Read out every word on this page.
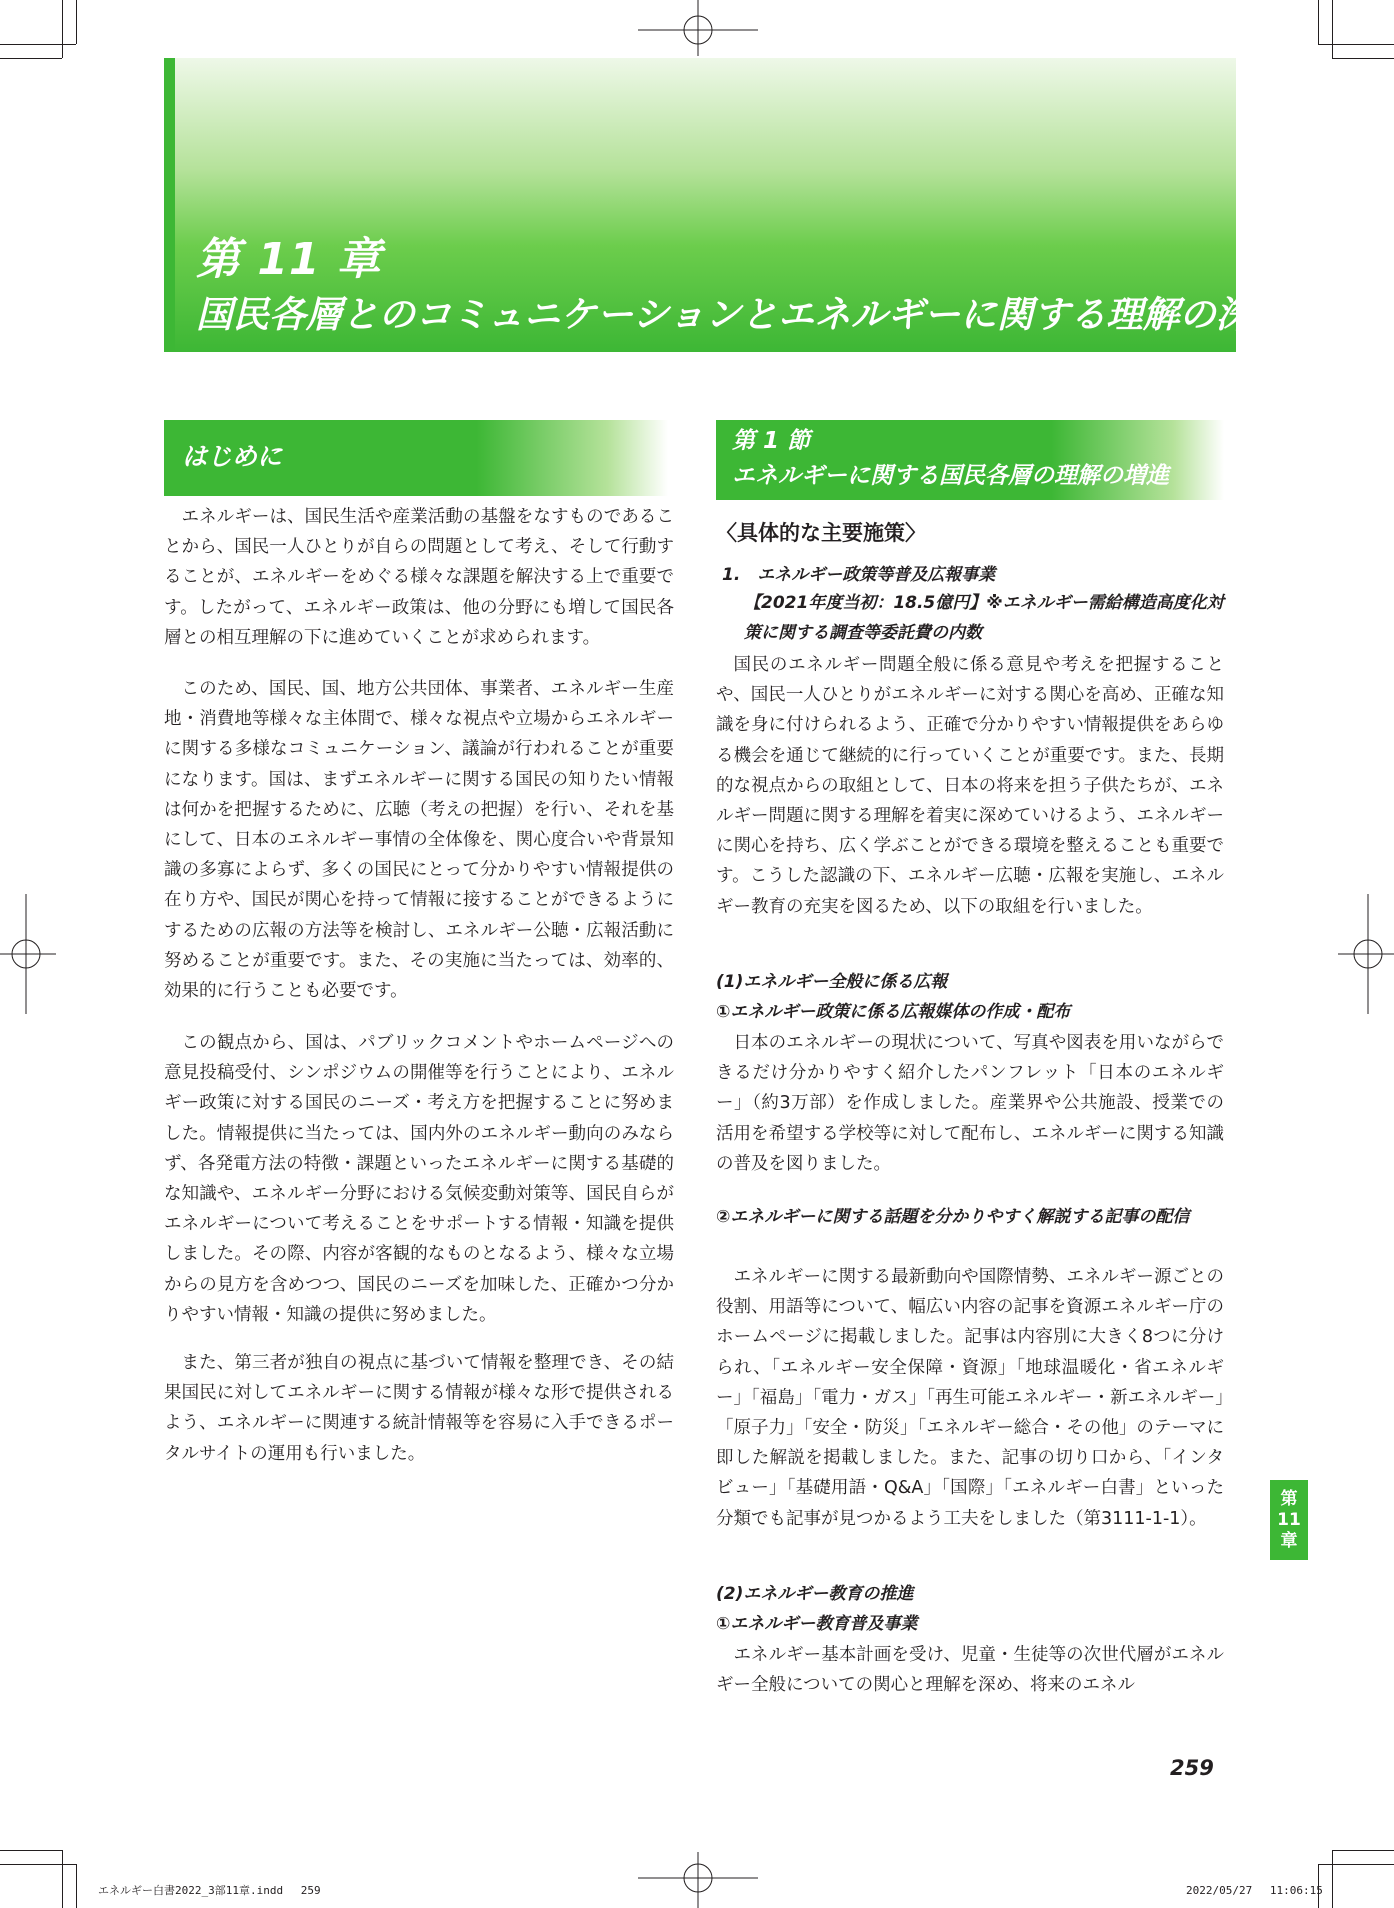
第 11 章
国民各層とのコミュニケーションとエネルギーに関する理解の深化
はじめに

エネルギーは、国民生活や産業活動の基盤をなすものであることから、国民一人ひとりが自らの問題として考え、そして行動することが、エネルギーをめぐる様々な課題を解決する上で重要です。したがって、エネルギー政策は、他の分野にも増して国民各層との相互理解の下に進めていくことが求められます。

このため、国民、国、地方公共団体、事業者、エネルギー生産地・消費地等様々な主体間で、様々な視点や立場からエネルギーに関する多様なコミュニケーション、議論が行われることが重要になります。国は、まずエネルギーに関する国民の知りたい情報は何かを把握するために、広聴（考えの把握）を行い、それを基にして、日本のエネルギー事情の全体像を、関心度合いや背景知識の多寡によらず、多くの国民にとって分かりやすい情報提供の在り方や、国民が関心を持って情報に接することができるようにするための広報の方法等を検討し、エネルギー公聴・広報活動に努めることが重要です。また、その実施に当たっては、効率的、効果的に行うことも必要です。

この観点から、国は、パブリックコメントやホームページへの意見投稿受付、シンポジウムの開催等を行うことにより、エネルギー政策に対する国民のニーズ・考え方を把握することに努めました。情報提供に当たっては、国内外のエネルギー動向のみならず、各発電方法の特徴・課題といったエネルギーに関する基礎的な知識や、エネルギー分野における気候変動対策等、国民自らがエネルギーについて考えることをサポートする情報・知識を提供しました。その際、内容が客観的なものとなるよう、様々な立場からの見方を含めつつ、国民のニーズを加味した、正確かつ分かりやすい情報・知識の提供に努めました。

また、第三者が独自の視点に基づいて情報を整理でき、その結果国民に対してエネルギーに関する情報が様々な形で提供されるよう、エネルギーに関連する統計情報等を容易に入手できるポータルサイトの運用も行いました。

第 1 節
エネルギーに関する国民各層の理解の増進
〈具体的な主要施策〉
1.　エネルギー政策等普及広報事業

【2021年度当初：18.5億円】※エネルギー需給構造高度化対策に関する調査等委託費の内数

国民のエネルギー問題全般に係る意見や考えを把握することや、国民一人ひとりがエネルギーに対する関心を高め、正確な知識を身に付けられるよう、正確で分かりやすい情報提供をあらゆる機会を通じて継続的に行っていくことが重要です。また、長期的な視点からの取組として、日本の将来を担う子供たちが、エネルギー問題に関する理解を着実に深めていけるよう、エネルギーに関心を持ち、広く学ぶことができる環境を整えることも重要です。こうした認識の下、エネルギー広聴・広報を実施し、エネルギー教育の充実を図るため、以下の取組を行いました。

(1)エネルギー全般に係る広報
①エネルギー政策に係る広報媒体の作成・配布

日本のエネルギーの現状について、写真や図表を用いながらできるだけ分かりやすく紹介したパンフレット「日本のエネルギー」（約3万部）を作成しました。産業界や公共施設、授業での活用を希望する学校等に対して配布し、エネルギーに関する知識の普及を図りました。

②エネルギーに関する話題を分かりやすく解説する記事の配信

エネルギーに関する最新動向や国際情勢、エネルギー源ごとの役割、用語等について、幅広い内容の記事を資源エネルギー庁のホームページに掲載しました。記事は内容別に大きく8つに分けられ、「エネルギー安全保障・資源」「地球温暖化・省エネルギー」「福島」「電力・ガス」「再生可能エネルギー・新エネルギー」「原子力」「安全・防災」「エネルギー総合・その他」のテーマに即した解説を掲載しました。また、記事の切り口から、「インタビュー」「基礎用語・Q&A」「国際」「エネルギー白書」といった分類でも記事が見つかるよう工夫をしました（第3111-1-1）。

(2)エネルギー教育の推進
①エネルギー教育普及事業

エネルギー基本計画を受け、児童・生徒等の次世代層がエネルギー全般についての関心と理解を深め、将来のエネル

第
11
章
259
エネルギー白書2022_3部11章.indd　 259	2022/05/27　 11:06:15
